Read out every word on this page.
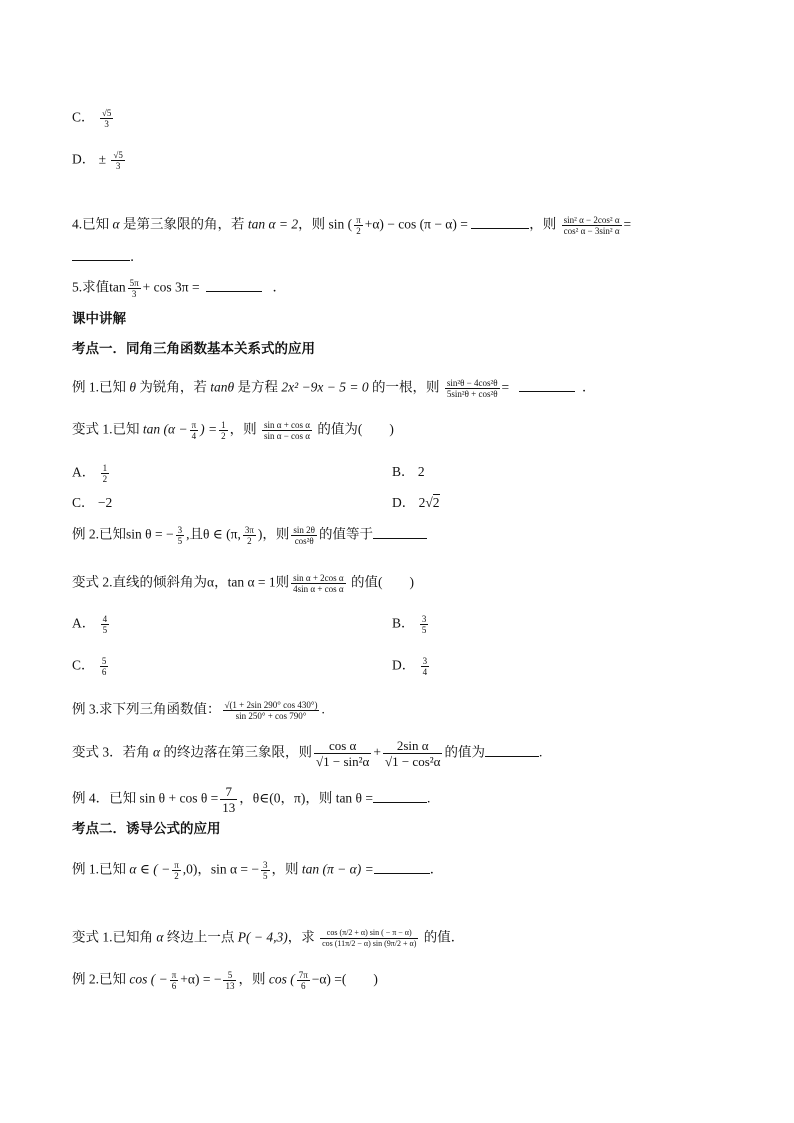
C． $\frac{√5}{3}$
D． ± $\frac{√5}{3}$
4.已知 α 是第三象限的角，若 tan α = 2，则 sin ( $\frac{\pi}{2} +\alpha) - \cos (\pi - \alpha)$ =	，则 $\frac{\text{sin² α − 2cos² α}}{\text{cos² α − 3sin² α}}$ =
．
5.求值$\tan \frac{5\pi}{3} + \cos 3\pi$ =	．
课中讲解
考点一．同角三角函数基本关系式的应用
例 1.已知 θ 为锐角，若 tanθ 是方程 2x² −9x − 5 = 0 的一根，则 $\frac{\text{sin²θ − 4cos²θ}}{\text{5sin²θ + cos²θ}}$ =	．
变式 1.已知 $\tan (\alpha - \frac{\pi}{4}$ ) = $\frac{1}{2}$ ，则 $\frac{\text{sin α + cos α}}{\text{sin α − cos α}}$ 的值为(　　)
A． $\frac{1}{2}$	B． 2
C． −2	D． 2√2
例 2.已知sin θ = − $\frac{3}{5}$ ,且θ ∈ (π, $\frac{3\pi}{2}$ )，则 $\frac{\sin 2\theta}{\text{cos²θ}}$ 的值等于
变式 2.直线的倾斜角为α，tan α = 1则 $\frac{\text{sin α + 2cos α}}{\text{4sin α + cos α}}$ 的值(　　)
A． $\frac{4}{5}$	B． $\frac{3}{5}$
C． $\frac{5}{6}$	D． $\frac{3}{4}$
例 3.求下列三角函数值： $\frac{√(1 + 2\sin 290^\circ \cos 430^\circ)}{\sin 250^\circ + \cos 790^\circ}$ .
变式 3．若角 α 的终边落在第三象限，则 $\frac{\text{cos α}}{\text{√1 − sin²α}} + \frac{\text{2sin α}}{\text{√1 − cos²α}}$ 的值为	.
例 4．已知 $\sin \theta + \cos \theta = \frac{7}{13}$ ，θ∈(0，π)，则 tan θ =	.
考点二．诱导公式的应用
例 1.已知 α ∈ ( − $\frac{\pi}{2} ,0$)，sin α = − $\frac{3}{5}$ ，则 tan (π − α) =	．
变式 1.已知角 α 终边上一点 P( − 4,3)，求 $\frac{\cos (\pi/2 + \alpha) \sin ( - \pi - \alpha)}{\cos (11\pi/2 - \alpha) \sin (9\pi/2 + \alpha)}$ 的值．
例 2.已知 cos ( − $\frac{\pi}{6} +\alpha$) = − $\frac{5}{13}$ ，则 cos ( $\frac{7\pi}{6} -\alpha$) =(　　)
